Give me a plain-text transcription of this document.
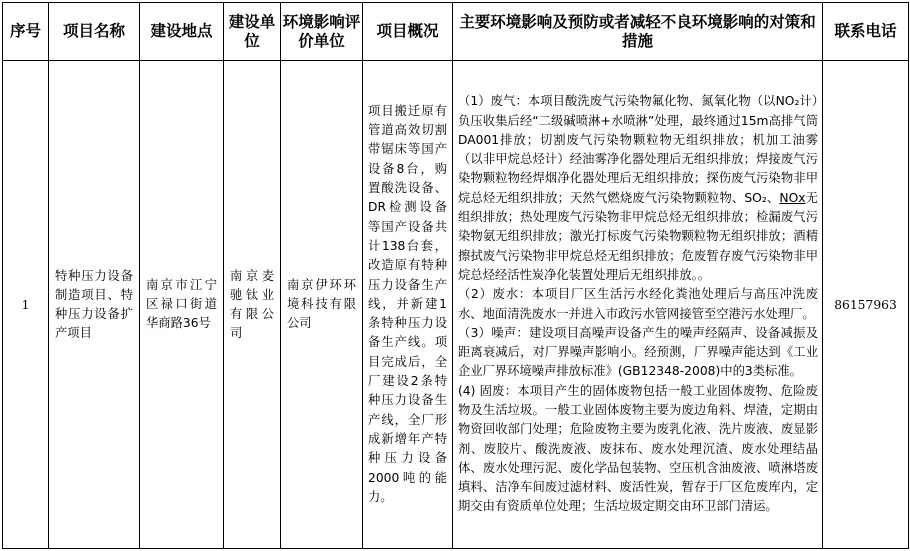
序号	项目名称	建设地点	建设单位	环境影响评价单位	项目概况	主要环境影响及预防或者减轻不良环境影响的对策和措施	联系电话
1	特种压力设备制造项目、特种压力设备扩产项目	南京市江宁区禄口街道华商路36号	南京麦驰钛业有限公司	南京伊环环境科技有限公司	项目搬迁原有管道高效切割带锯床等国产设备8台，购置酸洗设备、DR检测设备等国产设备共计138台套，改造原有特种压力设备生产线，并新建1条特种压力设备生产线。项目完成后，全厂建设2条特种压力设备生产线，全厂形成新增年产特种压力设备2000吨的能力。	（1）废气：本项目酸洗废气污染物氟化物、氮氧化物（以NO₂计）负压收集后经“二级碱喷淋+水喷淋”处理，最终通过15m高排气筒DA001排放；切割废气污染物颗粒物无组织排放；机加工油雾（以非甲烷总烃计）经油雾净化器处理后无组织排放；焊接废气污染物颗粒物经焊烟净化器处理后无组织排放；探伤废气污染物非甲烷总烃无组织排放；天然气燃烧废气污染物颗粒物、SO₂、NOx无组织排放；热处理废气污染物非甲烷总烃无组织排放；检漏废气污染物氨无组织排放；激光打标废气污染物颗粒物无组织排放；酒精擦拭废气污染物非甲烷总烃无组织排放；危废暂存废气污染物非甲烷总烃经活性炭净化装置处理后无组织排放。。

（2）废水：本项目厂区生活污水经化粪池处理后与高压冲洗废水、地面清洗废水一并进入市政污水管网接管至空港污水处理厂。

（3）噪声：建设项目高噪声设备产生的噪声经隔声、设备减振及距离衰减后，对厂界噪声影响小。经预测，厂界噪声能达到《工业企业厂界环境噪声排放标准》(GB12348-2008)中的3类标准。

(4) 固废：本项目产生的固体废物包括一般工业固体废物、危险废物及生活垃圾。一般工业固体废物主要为废边角料、焊渣，定期由物资回收部门处理；危险废物主要为废乳化液、洗片废液、废显影剂、废胶片、酸洗废液、废抹布、废水处理沉渣、废水处理结晶体、废水处理污泥、废化学品包装物、空压机含油废液、喷淋塔废填料、洁净车间废过滤材料、废活性炭，暂存于厂区危废库内，定期交由有资质单位处理；生活垃圾定期交由环卫部门清运。	86157963
